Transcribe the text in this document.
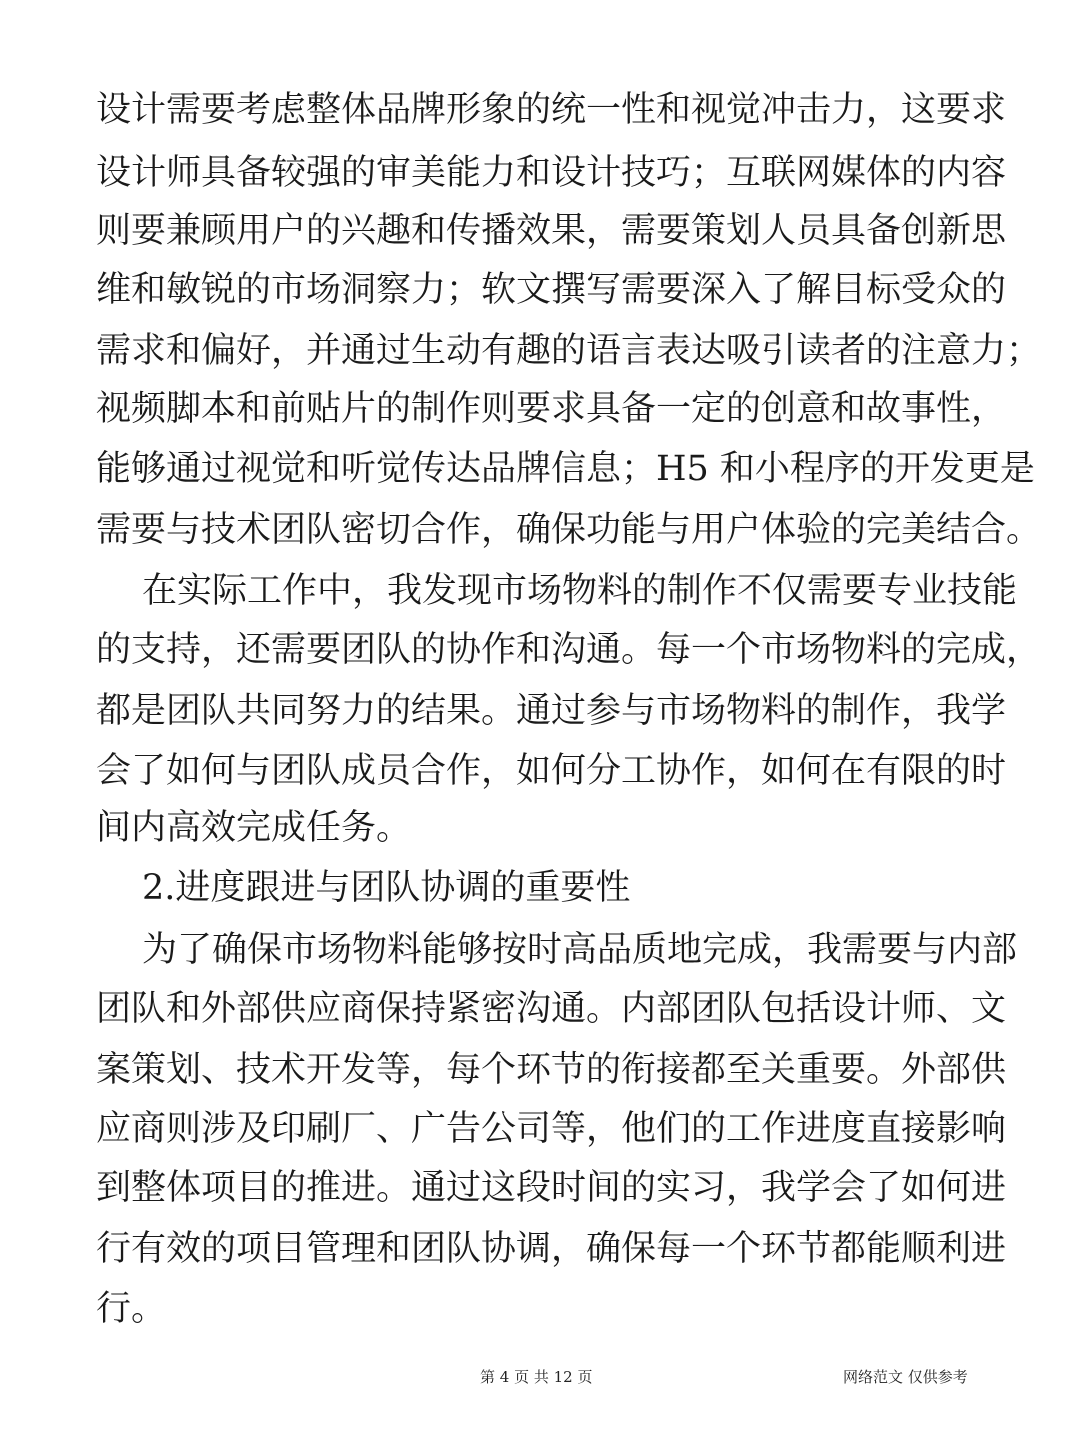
设计需要考虑整体品牌形象的统一性和视觉冲击力，这要求
设计师具备较强的审美能力和设计技巧；互联网媒体的内容
则要兼顾用户的兴趣和传播效果，需要策划人员具备创新思
维和敏锐的市场洞察力；软文撰写需要深入了解目标受众的
需求和偏好，并通过生动有趣的语言表达吸引读者的注意力；
视频脚本和前贴片的制作则要求具备一定的创意和故事性，
能够通过视觉和听觉传达品牌信息；H5 和小程序的开发更是
需要与技术团队密切合作，确保功能与用户体验的完美结合。
在实际工作中，我发现市场物料的制作不仅需要专业技能
的支持，还需要团队的协作和沟通。每一个市场物料的完成，
都是团队共同努力的结果。通过参与市场物料的制作，我学
会了如何与团队成员合作，如何分工协作，如何在有限的时
间内高效完成任务。
2.进度跟进与团队协调的重要性
为了确保市场物料能够按时高品质地完成，我需要与内部
团队和外部供应商保持紧密沟通。内部团队包括设计师、文
案策划、技术开发等，每个环节的衔接都至关重要。外部供
应商则涉及印刷厂、广告公司等，他们的工作进度直接影响
到整体项目的推进。通过这段时间的实习，我学会了如何进
行有效的项目管理和团队协调，确保每一个环节都能顺利进
行。
第 4 页 共 12 页	网络范文 仅供参考
